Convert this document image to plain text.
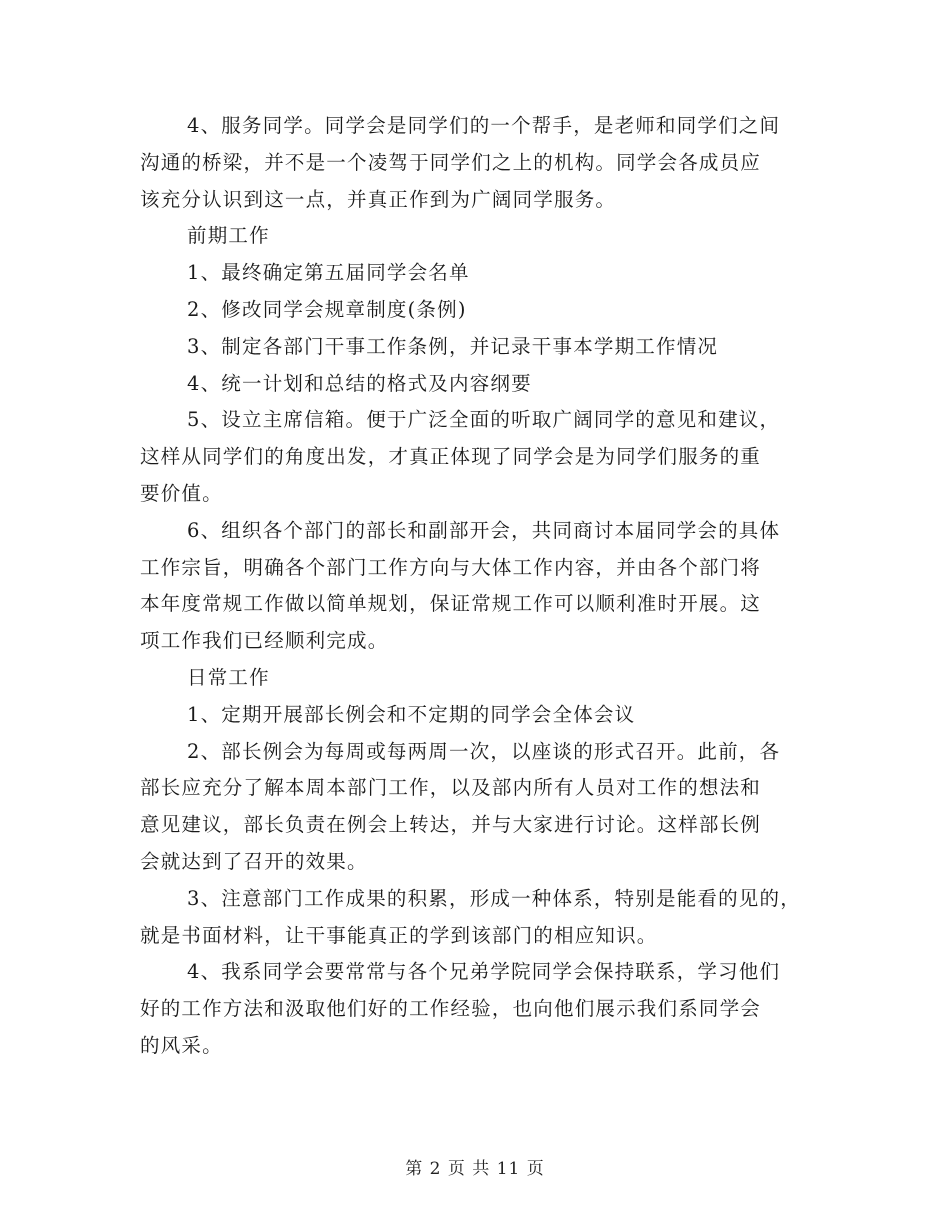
4、服务同学。同学会是同学们的一个帮手，是老师和同学们之间
沟通的桥梁，并不是一个凌驾于同学们之上的机构。同学会各成员应
该充分认识到这一点，并真正作到为广阔同学服务。

前期工作

1、最终确定第五届同学会名单

2、修改同学会规章制度(条例)

3、制定各部门干事工作条例，并记录干事本学期工作情况

4、统一计划和总结的格式及内容纲要

5、设立主席信箱。便于广泛全面的听取广阔同学的意见和建议，
这样从同学们的角度出发，才真正体现了同学会是为同学们服务的重
要价值。

6、组织各个部门的部长和副部开会，共同商讨本届同学会的具体
工作宗旨，明确各个部门工作方向与大体工作内容，并由各个部门将
本年度常规工作做以简单规划，保证常规工作可以顺利准时开展。这
项工作我们已经顺利完成。

日常工作

1、定期开展部长例会和不定期的同学会全体会议

2、部长例会为每周或每两周一次，以座谈的形式召开。此前，各
部长应充分了解本周本部门工作，以及部内所有人员对工作的想法和
意见建议，部长负责在例会上转达，并与大家进行讨论。这样部长例
会就达到了召开的效果。

3、注意部门工作成果的积累，形成一种体系，特别是能看的见的，
就是书面材料，让干事能真正的学到该部门的相应知识。

4、我系同学会要常常与各个兄弟学院同学会保持联系，学习他们
好的工作方法和汲取他们好的工作经验，也向他们展示我们系同学会
的风采。

第 2 页 共 11 页
